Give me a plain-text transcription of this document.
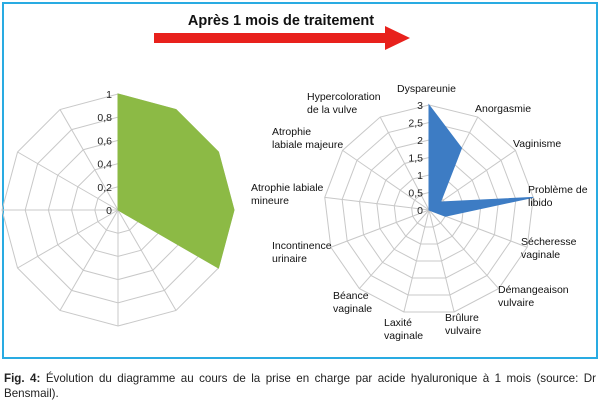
Après 1 mois de traitement
0
0,2
0,4
0,6
0,8
1
0
0,5
1
1,5
2
2,5
3
Dyspareunie
Anorgasmie
Vaginisme
Problème de libido
Sécheresse vaginale
Démangeaison vulvaire
Brûlure vulvaire
Laxité vaginale
Béance vaginale
Incontinence urinaire
Atrophie labiale mineure
Atrophie labiale majeure
Hypercoloration de la vulve
Fig. 4: Évolution du diagramme au cours de la prise en charge par acide hyaluronique à 1 mois (source: Dr Bensmail).
